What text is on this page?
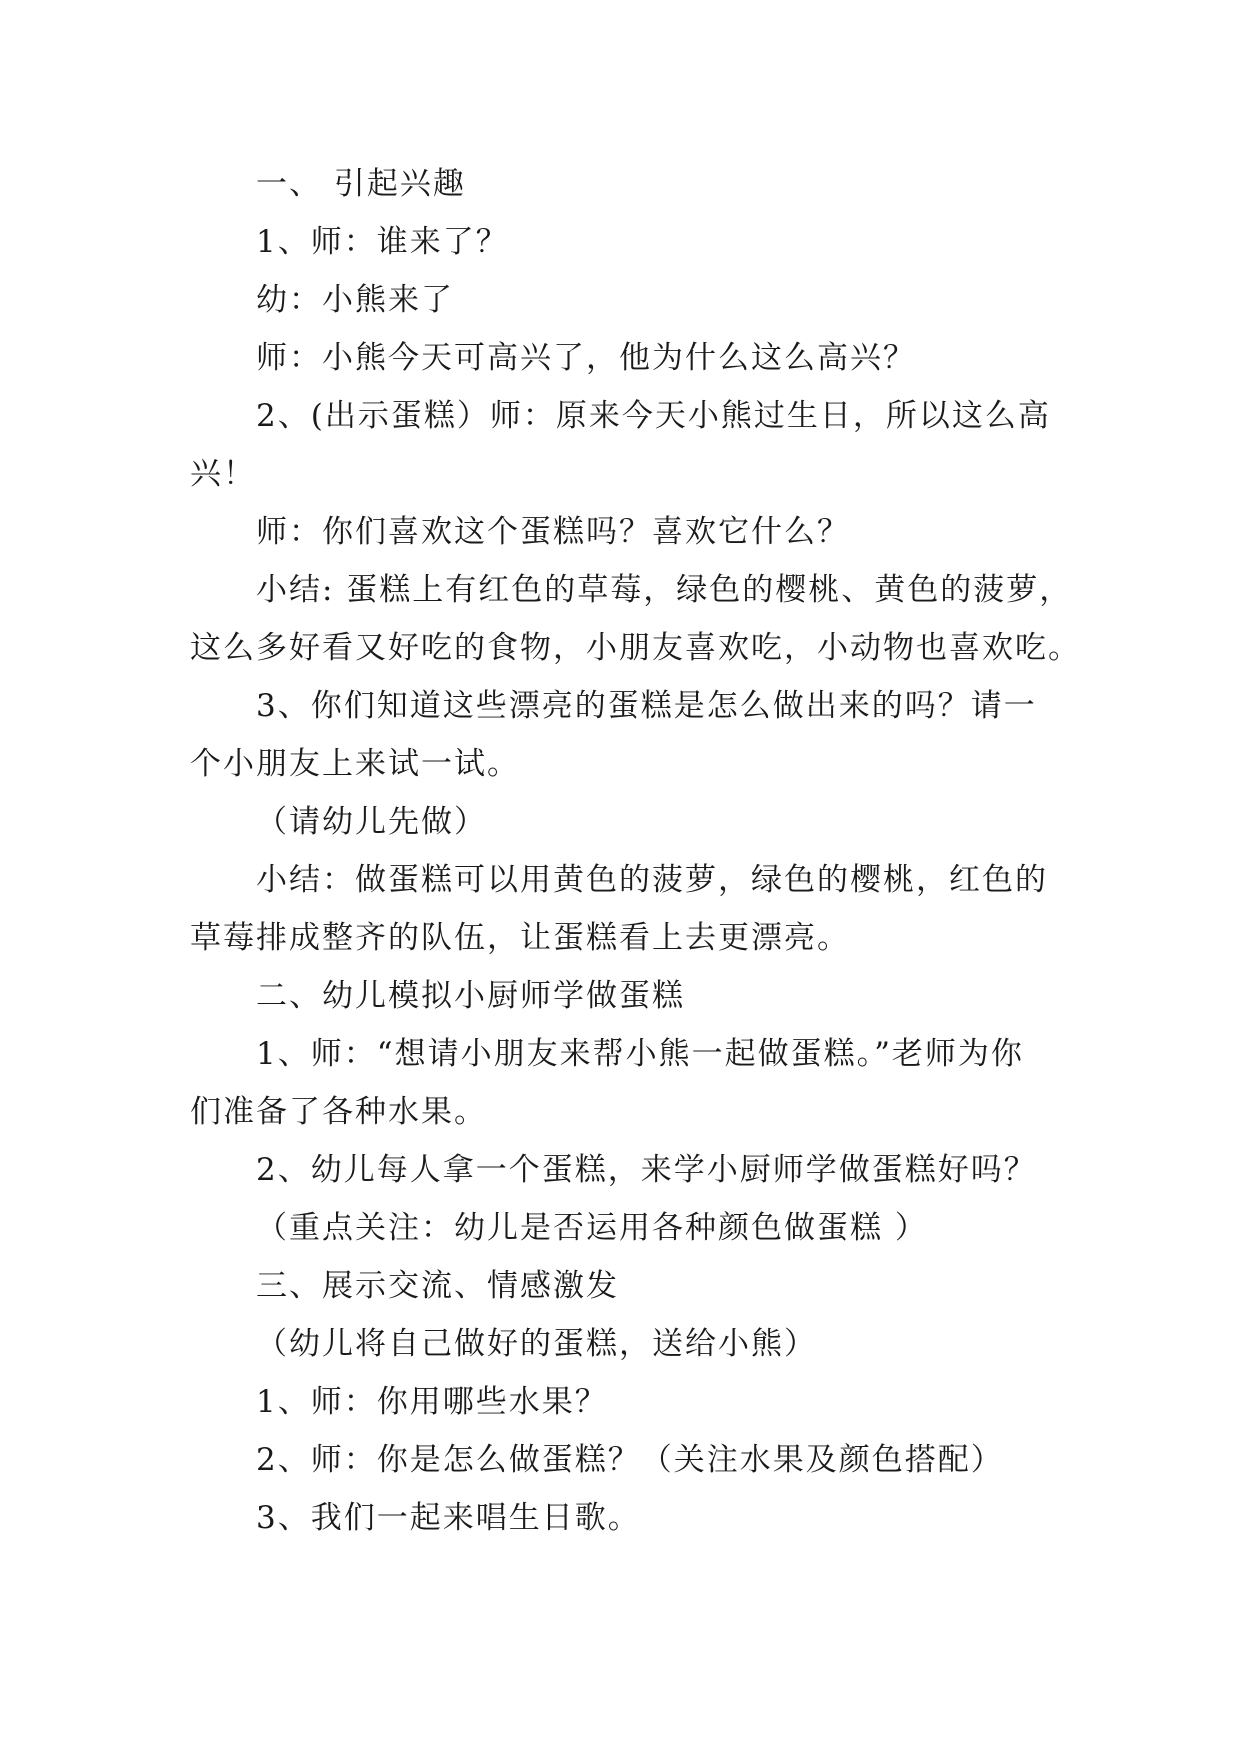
一、 引起兴趣
1、师：谁来了？
幼：小熊来了
师：小熊今天可高兴了，他为什么这么高兴？
2、(出示蛋糕）师：原来今天小熊过生日，所以这么高
兴！
师：你们喜欢这个蛋糕吗？喜欢它什么？
小结: 蛋糕上有红色的草莓，绿色的樱桃、黄色的菠萝，
这么多好看又好吃的食物，小朋友喜欢吃，小动物也喜欢吃。
3、你们知道这些漂亮的蛋糕是怎么做出来的吗？请一
个小朋友上来试一试。
（请幼儿先做）
小结：做蛋糕可以用黄色的菠萝，绿色的樱桃，红色的
草莓排成整齐的队伍，让蛋糕看上去更漂亮。
二、幼儿模拟小厨师学做蛋糕
1、师：“想请小朋友来帮小熊一起做蛋糕。”老师为你
们准备了各种水果。
2、幼儿每人拿一个蛋糕，来学小厨师学做蛋糕好吗？
（重点关注：幼儿是否运用各种颜色做蛋糕 ）
三、展示交流、情感激发
（幼儿将自己做好的蛋糕，送给小熊）
1、师：你用哪些水果？
2、师：你是怎么做蛋糕？（关注水果及颜色搭配）
3、我们一起来唱生日歌。
